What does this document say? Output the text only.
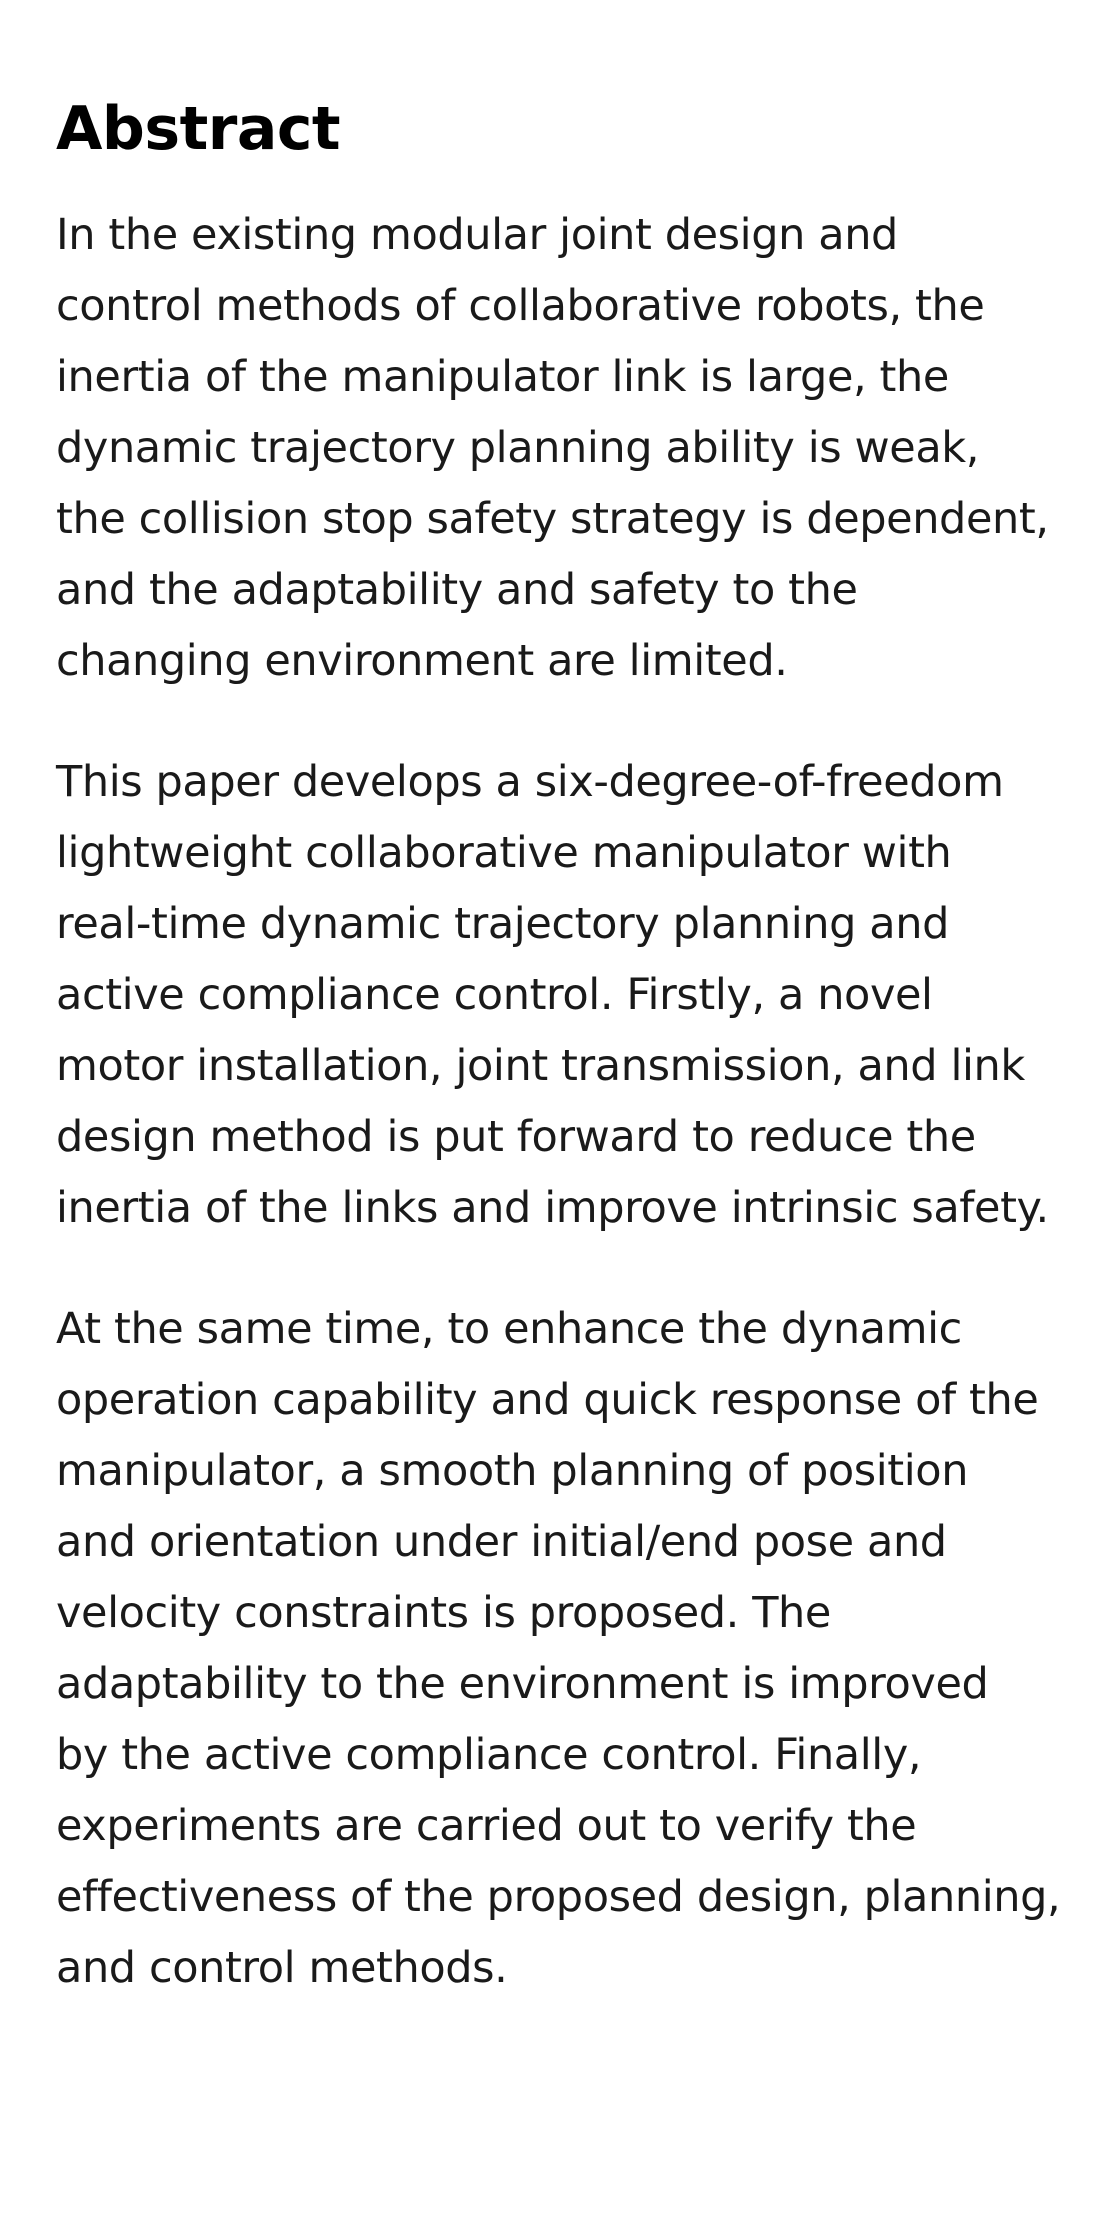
Abstract

In the existing modular joint design and
control methods of collaborative robots, the
inertia of the manipulator link is large, the
dynamic trajectory planning ability is weak,
the collision stop safety strategy is dependent,
and the adaptability and safety to the
changing environment are limited.

This paper develops a six-degree-of-freedom
lightweight collaborative manipulator with
real-time dynamic trajectory planning and
active compliance control. Firstly, a novel
motor installation, joint transmission, and link
design method is put forward to reduce the
inertia of the links and improve intrinsic safety.

At the same time, to enhance the dynamic
operation capability and quick response of the
manipulator, a smooth planning of position
and orientation under initial/end pose and
velocity constraints is proposed. The
adaptability to the environment is improved
by the active compliance control. Finally,
experiments are carried out to verify the
effectiveness of the proposed design, planning,
and control methods.
